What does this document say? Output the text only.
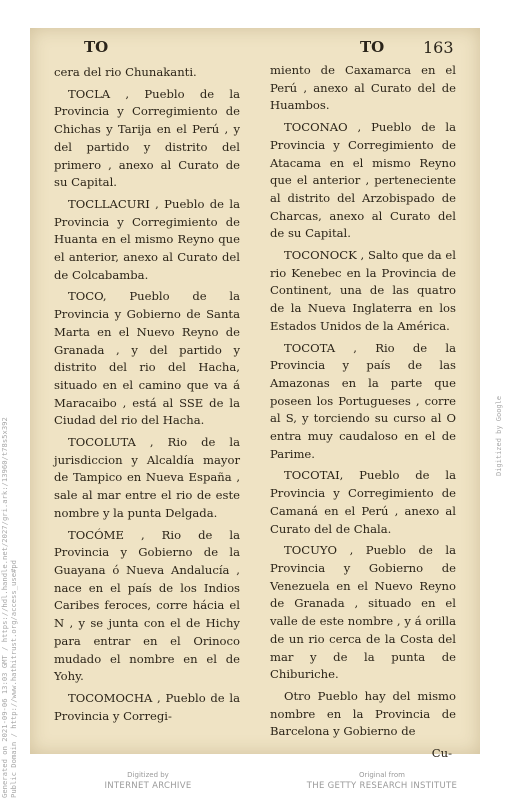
Generated on 2021-09-06 13:03 GMT / https://hdl.handle.net/2027/gri.ark:/13960/t78s5x392 Public Domain / http://www.hathitrust.org/access_use#pd
TO	TO 163

cera del rio Chunakanti.

TOCLA , Pueblo de la Provincia y Corregimiento de Chichas y Tarija en el Perú , y del partido y distrito del primero , anexo al Curato de su Capital.

TOCLLACURI , Pueblo de la Provincia y Corregimiento de Huanta en el mismo Reyno que el anterior, anexo al Curato del de Colcabamba.

TOCO, Pueblo de la Provincia y Gobierno de Santa Marta en el Nuevo Reyno de Granada , y del partido y distrito del rio del Hacha, situado en el camino que va á Maracaibo , está al SSE de la Ciudad del rio del Hacha.

TOCOLUTA , Rio de la jurisdiccion y Alcaldía mayor de Tampico en Nueva España , sale al mar entre el rio de este nombre y la punta Delgada.

TOCÓME , Rio de la Provincia y Gobierno de la Guayana ó Nueva Andalucía , nace en el país de los Indios Caribes feroces, corre hácia el N , y se junta con el de Hichy para entrar en el Orinoco mudado el nombre en el de Yohy.

TOCOMOCHA , Pueblo de la Provincia y Corregi-

miento de Caxamarca en el Perú , anexo al Curato del de Huambos.

TOCONAO , Pueblo de la Provincia y Corregimiento de Atacama en el mismo Reyno que el anterior , perteneciente al distrito del Arzobispado de Charcas, anexo al Curato del de su Capital.

TOCONOCK , Salto que da el rio Kenebec en la Provincia de Continent, una de las quatro de la Nueva Inglaterra en los Estados Unidos de la América.

TOCOTA , Rio de la Provincia y país de las Amazonas en la parte que poseen los Portugueses , corre al S, y torciendo su curso al O entra muy caudaloso en el de Parime.

TOCOTAI, Pueblo de la Provincia y Corregimiento de Camaná en el Perú , anexo al Curato del de Chala.

TOCUYO , Pueblo de la Provincia y Gobierno de Venezuela en el Nuevo Reyno de Granada , situado en el valle de este nombre , y á orilla de un rio cerca de la Costa del mar y de la punta de Chiburiche.

Otro Pueblo hay del mismo nombre en la Provincia de Barcelona y Gobierno de

Cu-

Digitized by Google
Digitized by
INTERNET ARCHIVE
Original from
THE GETTY RESEARCH INSTITUTE
